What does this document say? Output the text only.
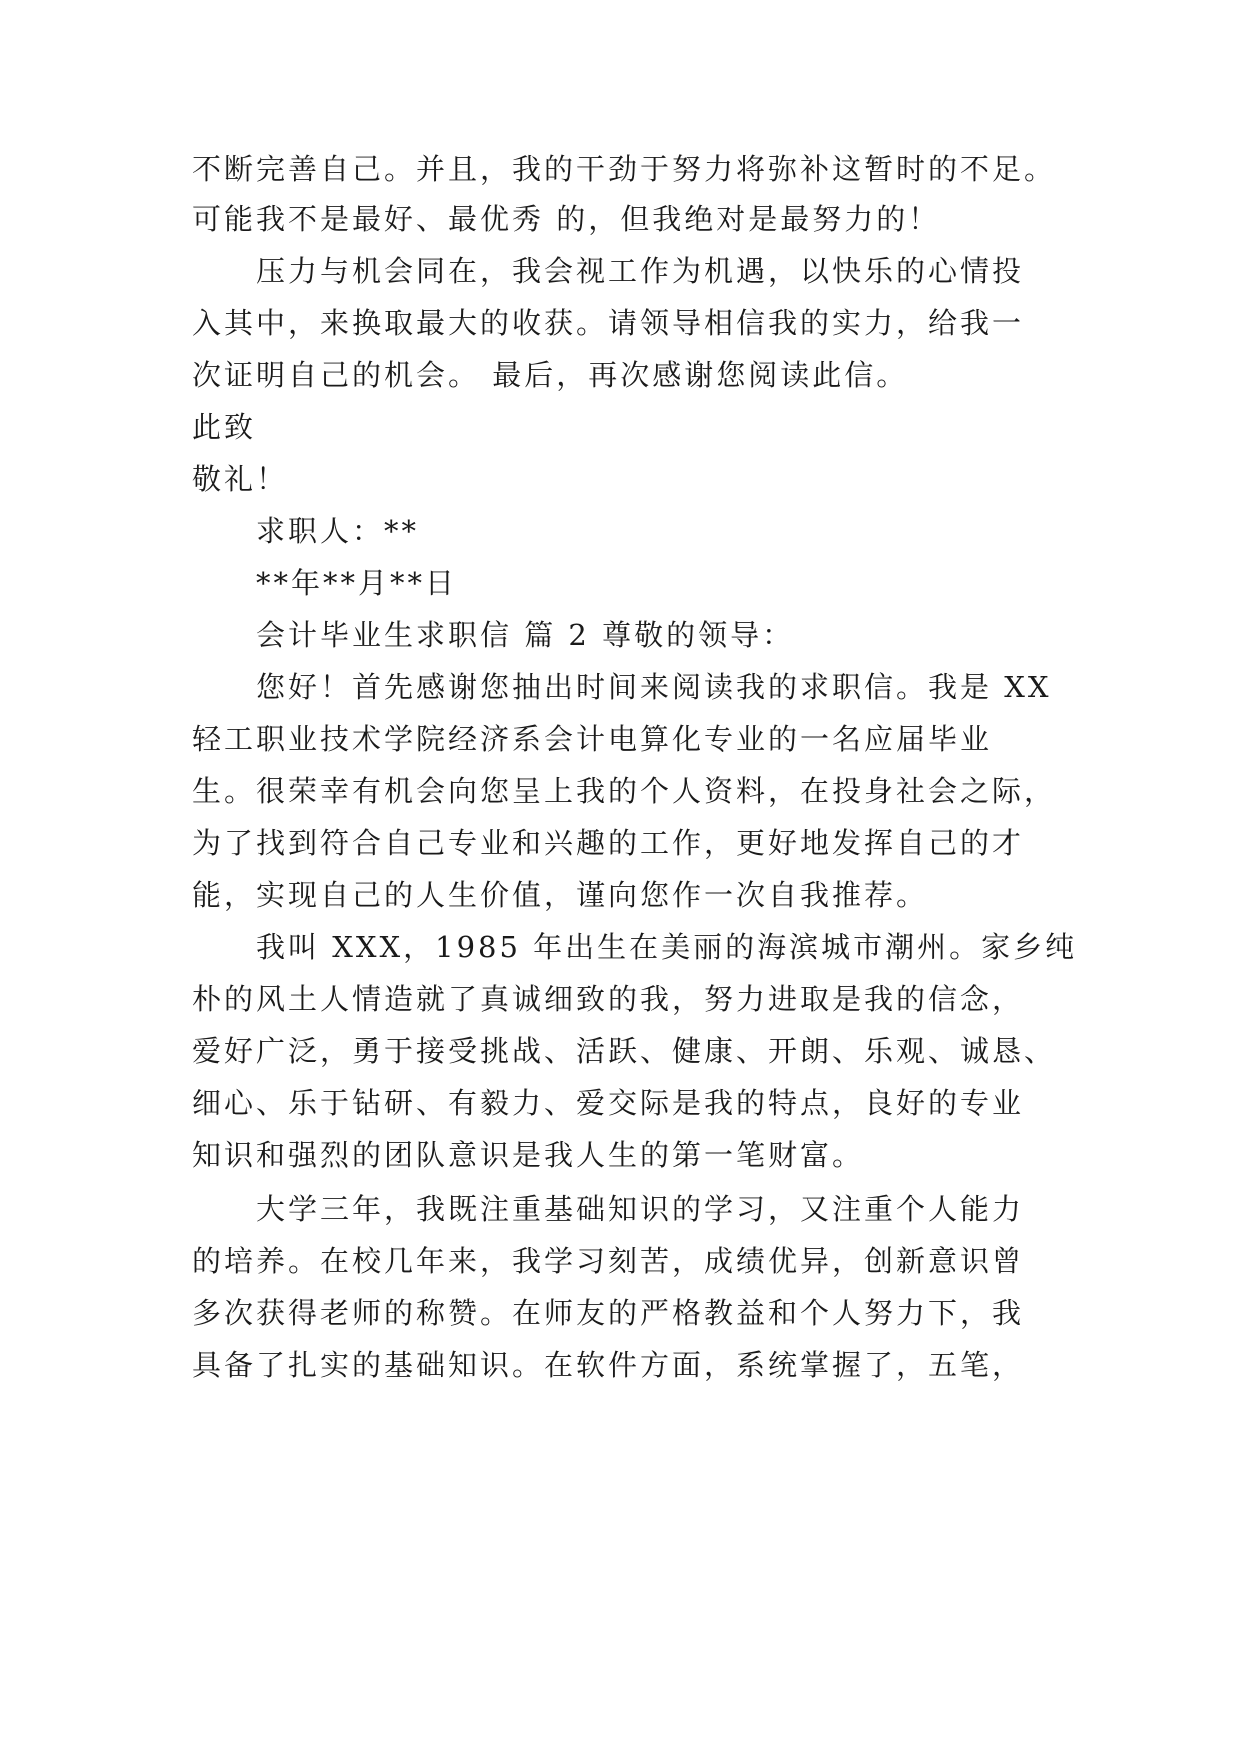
不断完善自己。并且，我的干劲于努力将弥补这暂时的不足。
可能我不是最好、最优秀 的，但我绝对是最努力的！
压力与机会同在，我会视工作为机遇，以快乐的心情投
入其中，来换取最大的收获。请领导相信我的实力，给我一
次证明自己的机会。 最后，再次感谢您阅读此信。
此致
敬礼！
求职人：**
**年**月**日
会计毕业生求职信 篇 2 尊敬的领导：
您好！首先感谢您抽出时间来阅读我的求职信。我是 XX
轻工职业技术学院经济系会计电算化专业的一名应届毕业
生。很荣幸有机会向您呈上我的个人资料，在投身社会之际，
为了找到符合自己专业和兴趣的工作，更好地发挥自己的才
能，实现自己的人生价值，谨向您作一次自我推荐。
我叫 XXX，1985 年出生在美丽的海滨城市潮州。家乡纯
朴的风土人情造就了真诚细致的我，努力进取是我的信念，
爱好广泛，勇于接受挑战、活跃、健康、开朗、乐观、诚恳、
细心、乐于钻研、有毅力、爱交际是我的特点，良好的专业
知识和强烈的团队意识是我人生的第一笔财富。
大学三年，我既注重基础知识的学习，又注重个人能力
的培养。在校几年来，我学习刻苦，成绩优异，创新意识曾
多次获得老师的称赞。在师友的严格教益和个人努力下，我
具备了扎实的基础知识。在软件方面，系统掌握了，五笔，
